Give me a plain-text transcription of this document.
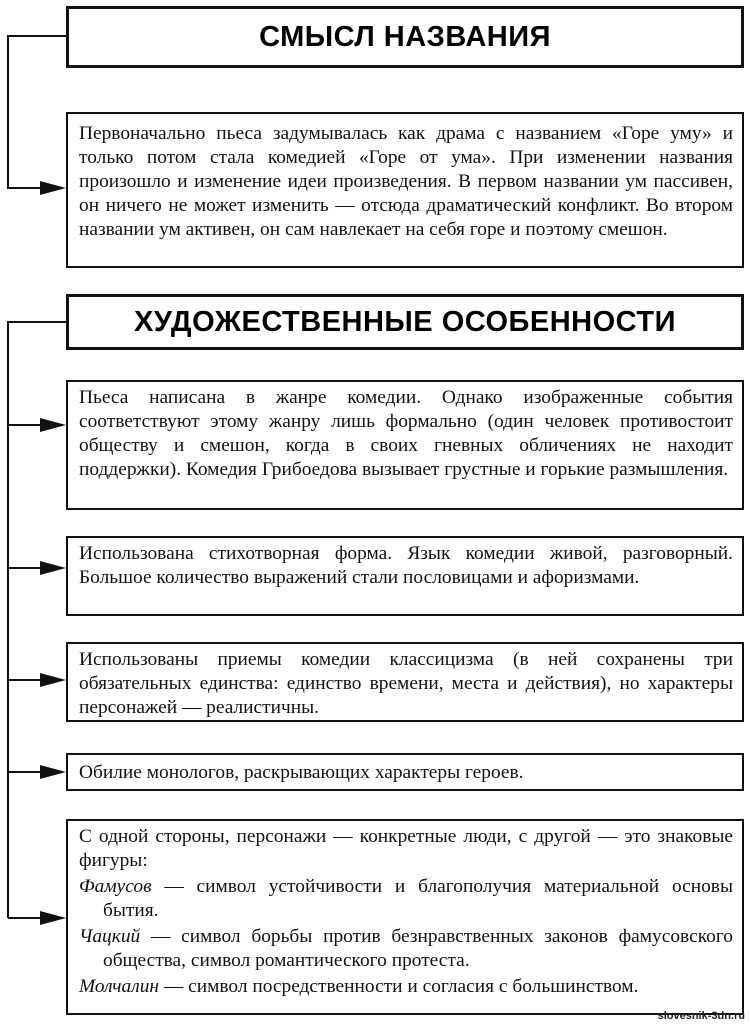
СМЫСЛ НАЗВАНИЯ

Первоначально пьеса задумывалась как драма с названием «Горе уму» и только потом стала комедией «Горе от ума». При изменении названия произошло и изменение идеи произведения. В первом названии ум пассивен, он ничего не может изменить — отсюда драматический конфликт. Во втором названии ум активен, он сам навлекает на себя горе и поэтому смешон.

ХУДОЖЕСТВЕННЫЕ ОСОБЕННОСТИ

Пьеса написана в жанре комедии. Однако изображенные события соответствуют этому жанру лишь формально (один человек противостоит обществу и смешон, когда в своих гневных обличениях не находит поддержки). Комедия Грибоедова вызывает грустные и горькие размышления.

Использована стихотворная форма. Язык комедии живой, разговорный. Большое количество выражений стали пословицами и афоризмами.

Использованы приемы комедии классицизма (в ней сохранены три обязательных единства: единство времени, места и действия), но характеры персонажей — реалистичны.

Обилие монологов, раскрывающих характеры героев.

С одной стороны, персонажи — конкретные люди, с другой — это знаковые фигуры:

Фамусов — символ устойчивости и благополучия материальной основы бытия.

Чацкий — символ борьбы против безнравственных законов фамусовского общества, символ романтического протеста.

Молчалин — символ посредственности и согласия с большинством.

slovesnik-3dn.ru
